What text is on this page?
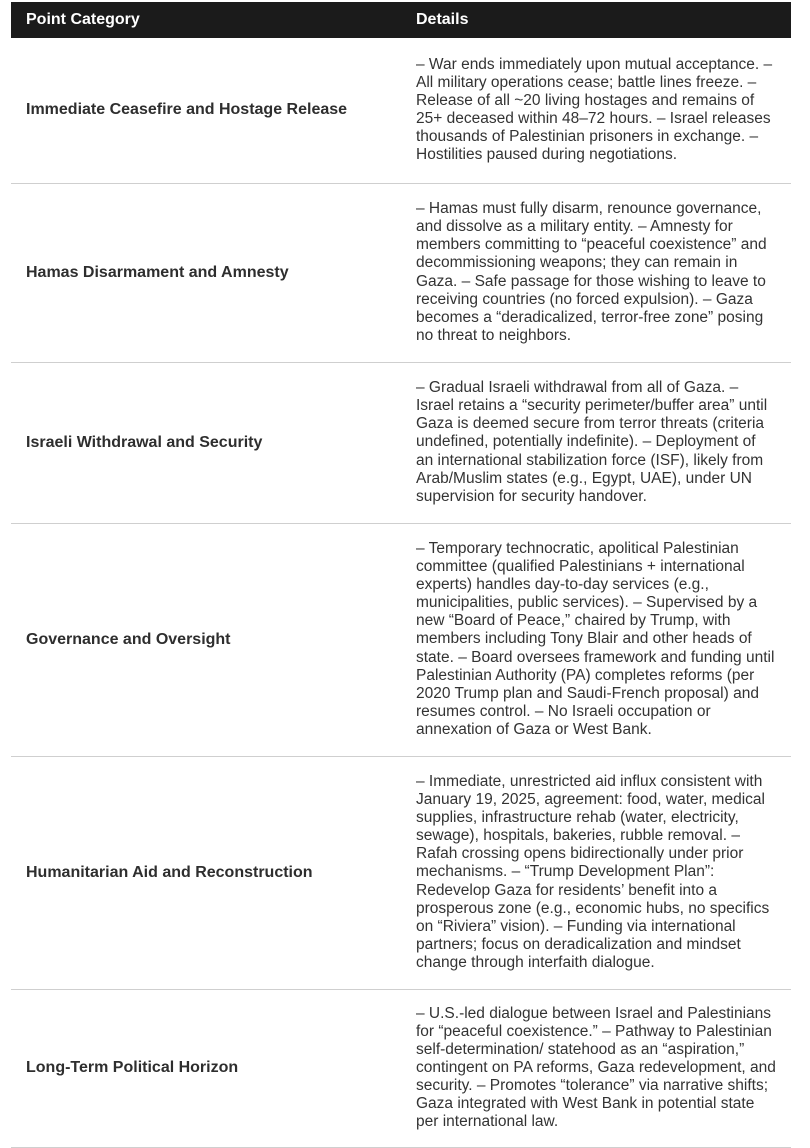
Point Category	Details
Immediate Ceasefire and Hostage Release	– War ends immediately upon mutual acceptance. – All military operations cease; battle lines freeze. – Release of all ~20 living hostages and remains of 25+ deceased within 48–72 hours. – Israel releases thousands of Palestinian prisoners in exchange. – Hostilities paused during negotiations.

Hamas Disarmament and Amnesty	– Hamas must fully disarm, renounce governance, and dissolve as a military entity. – Amnesty for members committing to “peaceful coexistence” and decommissioning weapons; they can remain in Gaza. – Safe passage for those wishing to leave to receiving countries (no forced expulsion). – Gaza becomes a “deradicalized, terror-free zone” posing no threat to neighbors.

Israeli Withdrawal and Security	– Gradual Israeli withdrawal from all of Gaza. – Israel retains a “security perimeter/buffer area” until Gaza is deemed secure from terror threats (criteria undefined, potentially indefinite). – Deployment of an international stabilization force (ISF), likely from Arab/Muslim states (e.g., Egypt, UAE), under UN supervision for security handover.

Governance and Oversight	– Temporary technocratic, apolitical Palestinian committee (qualified Palestinians + international experts) handles day-to-day services (e.g., municipalities, public services). – Supervised by a new “Board of Peace,” chaired by Trump, with members including Tony Blair and other heads of state. – Board oversees framework and funding until Palestinian Authority (PA) completes reforms (per 2020 Trump plan and Saudi-French proposal) and resumes control. – No Israeli occupation or annexation of Gaza or West Bank.

Humanitarian Aid and Reconstruction	– Immediate, unrestricted aid influx consistent with January 19, 2025, agreement: food, water, medical supplies, infrastructure rehab (water, electricity, sewage), hospitals, bakeries, rubble removal. – Rafah crossing opens bidirectionally under prior mechanisms. – “Trump Development Plan”: Redevelop Gaza for residents’ benefit into a prosperous zone (e.g., economic hubs, no specifics on “Riviera” vision). – Funding via international partners; focus on deradicalization and mindset change through interfaith dialogue.

Long-Term Political Horizon	– U.S.-led dialogue between Israel and Palestinians for “peaceful coexistence.” – Pathway to Palestinian self-determination/ statehood as an “aspiration,” contingent on PA reforms, Gaza redevelopment, and security. – Promotes “tolerance” via narrative shifts; Gaza integrated with West Bank in potential state per international law.
